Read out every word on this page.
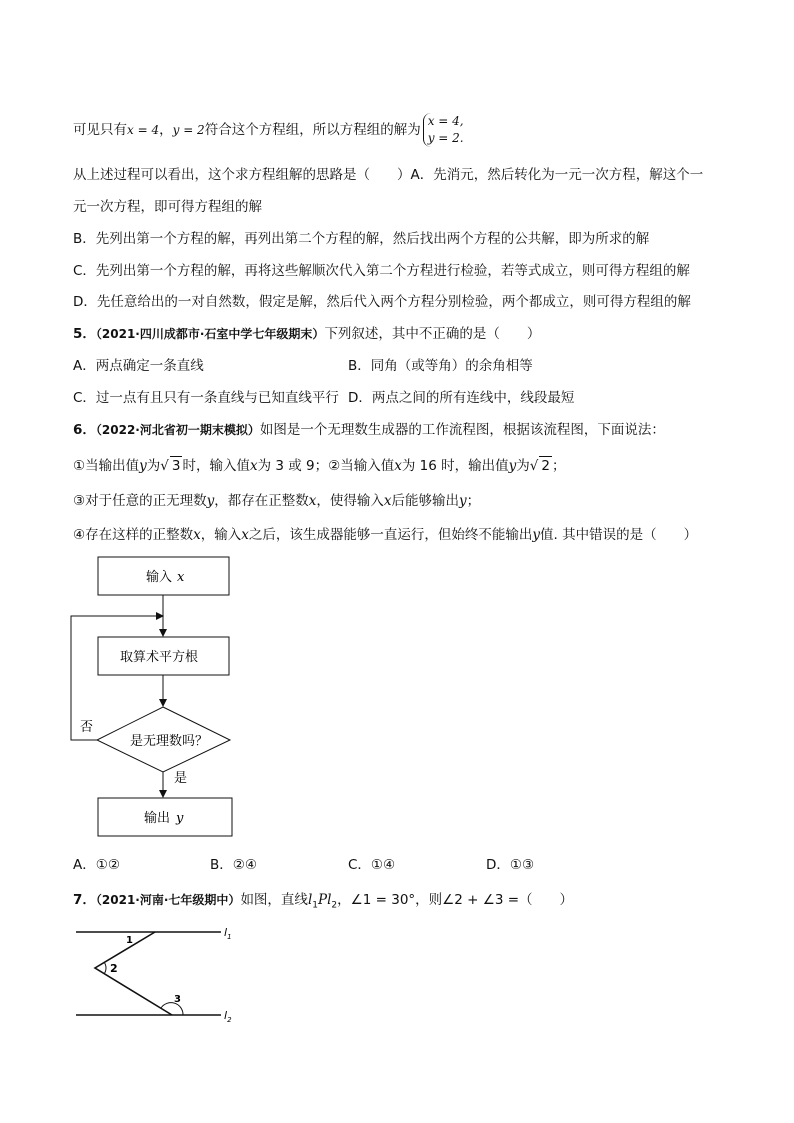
可见只有x = 4，y = 2符合这个方程组，所以方程组的解为
x = 4,
y = 2.
从上述过程可以看出，这个求方程组解的思路是（　　）A．先消元，然后转化为一元一次方程，解这个一
元一次方程，即可得方程组的解
B．先列出第一个方程的解，再列出第二个方程的解，然后找出两个方程的公共解，即为所求的解
C．先列出第一个方程的解，再将这些解顺次代入第二个方程进行检验，若等式成立，则可得方程组的解
D．先任意给出的一对自然数，假定是解，然后代入两个方程分别检验，两个都成立，则可得方程组的解
5．（2021·四川成都市·石室中学七年级期末）下列叙述，其中不正确的是（　　）
A．两点确定一条直线	B．同角（或等角）的余角相等
C．过一点有且只有一条直线与已知直线平行 D．两点之间的所有连线中，线段最短
6．（2022·河北省初一期末模拟）如图是一个无理数生成器的工作流程图，根据该流程图，下面说法：
①当输出值y为√ 3 时，输入值x为 3 或 9；②当输入值x为 16 时，输出值y为√ 2 ；
③对于任意的正无理数y，都存在正整数x，使得输入x后能够输出y；
④存在这样的正整数x，输入x之后，该生成器能够一直运行，但始终不能输出y值. 其中错误的是（　　）
输入 x
取算术平方根
是无理数吗？
否
是
输出 y
A．①②	B．②④	C．①④	D．①③
7．（2021·河南·七年级期中）如图，直线$l_1Pl_2$，∠1 = 30°，则∠2 + ∠3 =（　　）
1
2
3
$l_1$
$l_2$
